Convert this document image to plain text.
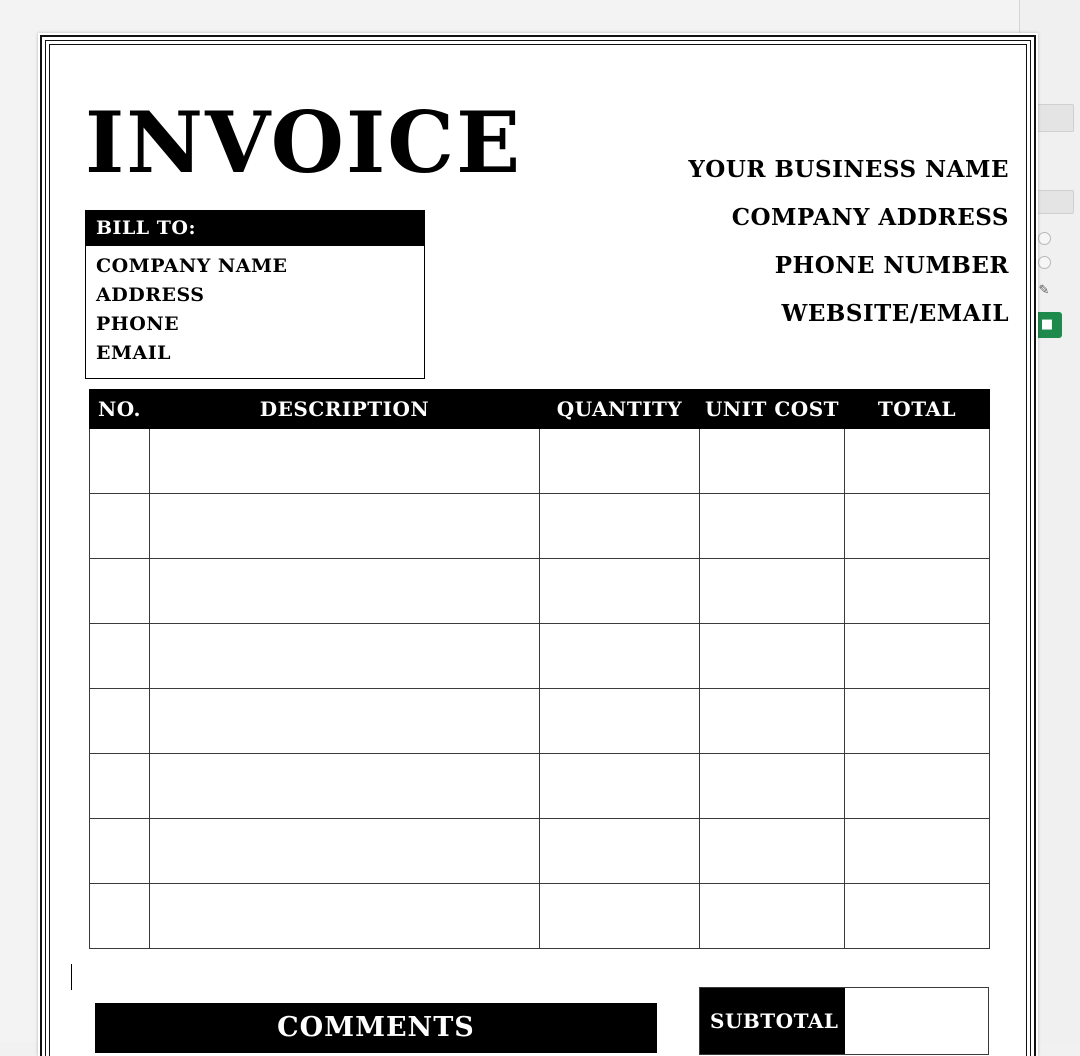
✎
■
INVOICE	YOUR BUSINESS NAME
COMPANY ADDRESS
PHONE NUMBER
WEBSITE/EMAIL
BILL TO:
COMPANY NAME
ADDRESS
PHONE
EMAIL
NO.	DESCRIPTION	QUANTITY	UNIT COST	TOTAL

COMMENTS	SUBTOTAL
